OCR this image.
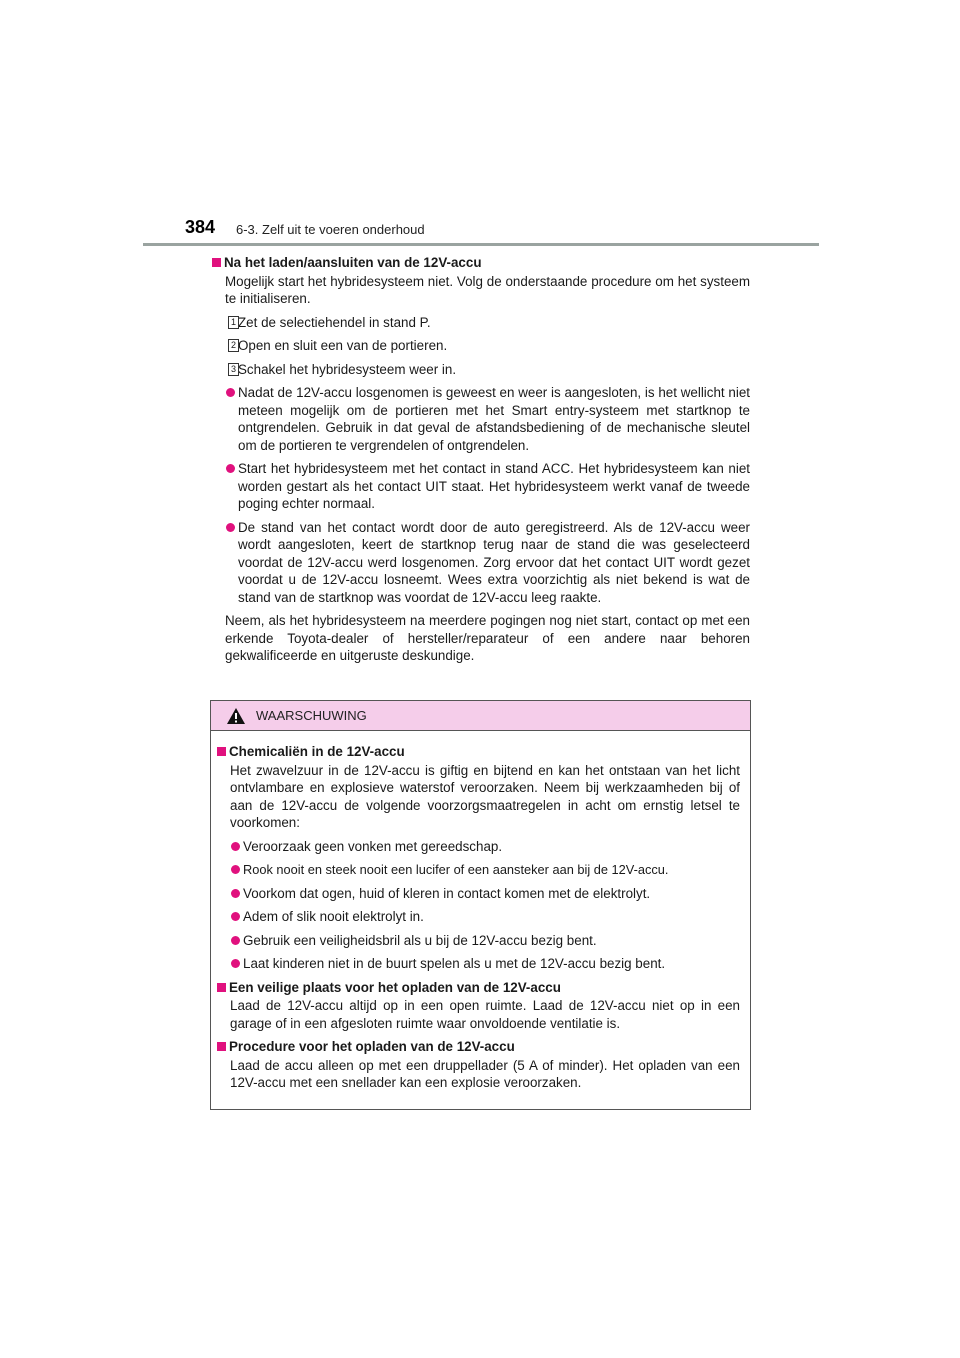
384 6-3. Zelf uit te voeren onderhoud
Na het laden/aansluiten van de 12V-accu
Mogelijk start het hybridesysteem niet. Volg de onderstaande procedure om het systeem te initialiseren.
1 Zet de selectiehendel in stand P.
2 Open en sluit een van de portieren.
3 Schakel het hybridesysteem weer in.
Nadat de 12V-accu losgenomen is geweest en weer is aangesloten, is het wellicht niet meteen mogelijk om de portieren met het Smart entry-systeem met startknop te ontgrendelen. Gebruik in dat geval de afstandsbediening of de mechanische sleutel om de portieren te vergrendelen of ontgrendelen.
Start het hybridesysteem met het contact in stand ACC. Het hybridesysteem kan niet worden gestart als het contact UIT staat. Het hybridesysteem werkt vanaf de tweede poging echter normaal.
De stand van het contact wordt door de auto geregistreerd. Als de 12V-accu weer wordt aangesloten, keert de startknop terug naar de stand die was geselecteerd voordat de 12V-accu werd losgenomen. Zorg ervoor dat het contact UIT wordt gezet voordat u de 12V-accu losneemt. Wees extra voorzichtig als niet bekend is wat de stand van de startknop was voordat de 12V-accu leeg raakte.
Neem, als het hybridesysteem na meerdere pogingen nog niet start, contact op met een erkende Toyota-dealer of hersteller/reparateur of een andere naar behoren gekwalificeerde en uitgeruste deskundige.
WAARSCHUWING
Chemicaliën in de 12V-accu
Het zwavelzuur in de 12V-accu is giftig en bijtend en kan het ontstaan van het licht ontvlambare en explosieve waterstof veroorzaken. Neem bij werkzaamheden bij of aan de 12V-accu de volgende voorzorgsmaatregelen in acht om ernstig letsel te voorkomen:
Veroorzaak geen vonken met gereedschap.
Rook nooit en steek nooit een lucifer of een aansteker aan bij de 12V-accu.
Voorkom dat ogen, huid of kleren in contact komen met de elektrolyt.
Adem of slik nooit elektrolyt in.
Gebruik een veiligheidsbril als u bij de 12V-accu bezig bent.
Laat kinderen niet in de buurt spelen als u met de 12V-accu bezig bent.
Een veilige plaats voor het opladen van de 12V-accu
Laad de 12V-accu altijd op in een open ruimte. Laad de 12V-accu niet op in een garage of in een afgesloten ruimte waar onvoldoende ventilatie is.
Procedure voor het opladen van de 12V-accu
Laad de accu alleen op met een druppellader (5 A of minder). Het opladen van een 12V-accu met een snellader kan een explosie veroorzaken.
